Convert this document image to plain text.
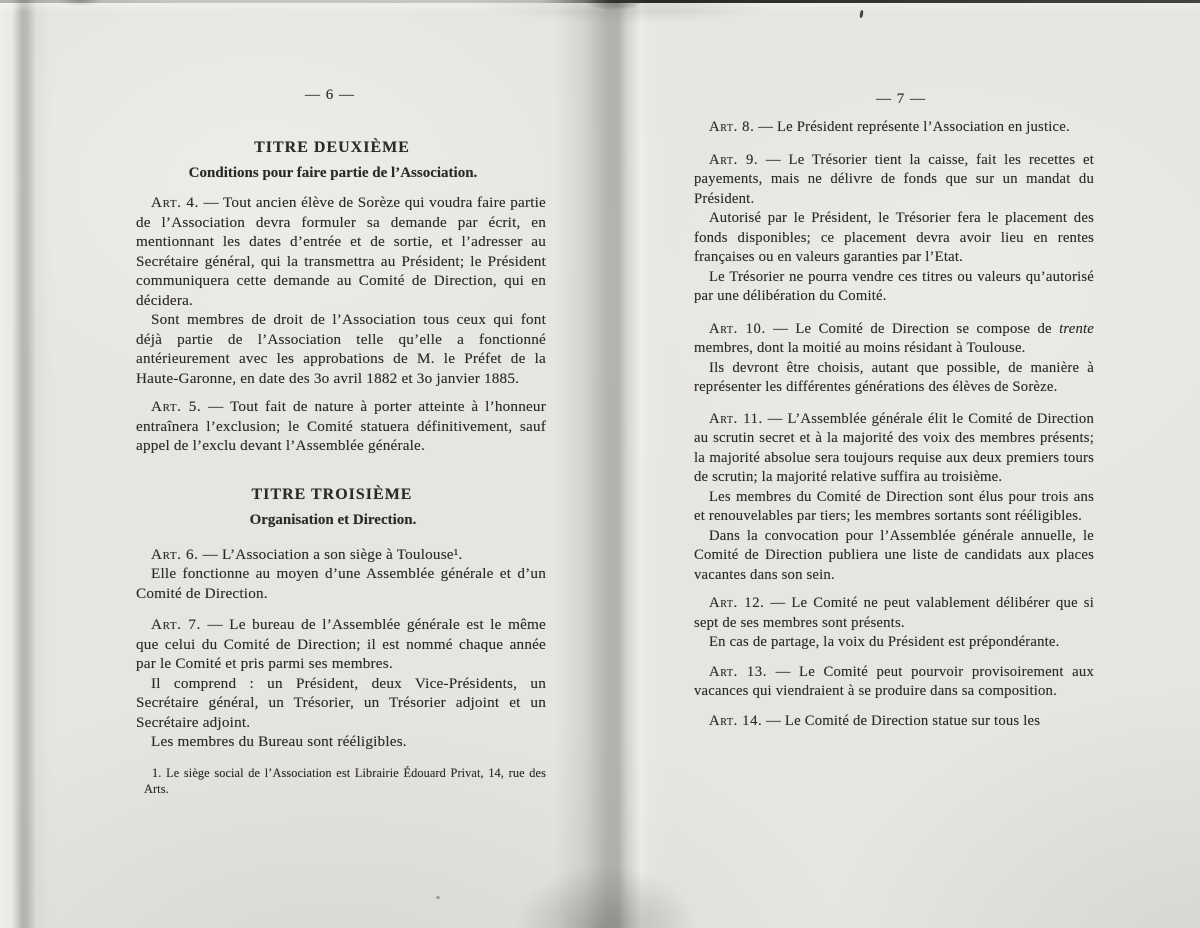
— 6 —
TITRE DEUXIÈME
Conditions pour faire partie de l’Association.

Art. 4. — Tout ancien élève de Sorèze qui voudra faire partie de l’Association devra formuler sa demande par écrit, en mentionnant les dates d’entrée et de sortie, et l’adresser au Secrétaire général, qui la transmettra au Président; le Président communiquera cette demande au Comité de Direction, qui en décidera.

Sont membres de droit de l’Association tous ceux qui font déjà partie de l’Association telle qu’elle a fonctionné antérieurement avec les approbations de M. le Préfet de la Haute-Garonne, en date des 3o avril 1882 et 3o janvier 1885.

Art. 5. — Tout fait de nature à porter atteinte à l’honneur entraînera l’exclusion; le Comité statuera définitivement, sauf appel de l’exclu devant l’Assemblée générale.

TITRE TROISIÈME
Organisation et Direction.

Art. 6. — L’Association a son siège à Toulouse¹.

Elle fonctionne au moyen d’une Assemblée générale et d’un Comité de Direction.

Art. 7. — Le bureau de l’Assemblée générale est le même que celui du Comité de Direction; il est nommé chaque année par le Comité et pris parmi ses membres.

Il comprend : un Président, deux Vice-Présidents, un Secrétaire général, un Trésorier, un Trésorier adjoint et un Secrétaire adjoint.

Les membres du Bureau sont rééligibles.

1. Le siège social de l’Association est Librairie Édouard Privat, 14, rue des Arts.

— 7 —

Art. 8. — Le Président représente l’Association en justice.

Art. 9. — Le Trésorier tient la caisse, fait les recettes et payements, mais ne délivre de fonds que sur un mandat du Président.

Autorisé par le Président, le Trésorier fera le placement des fonds disponibles; ce placement devra avoir lieu en rentes françaises ou en valeurs garanties par l’Etat.

Le Trésorier ne pourra vendre ces titres ou valeurs qu’autorisé par une délibération du Comité.

Art. 10. — Le Comité de Direction se compose de trente membres, dont la moitié au moins résidant à Toulouse.

Ils devront être choisis, autant que possible, de manière à représenter les différentes générations des élèves de Sorèze.

Art. 11. — L’Assemblée générale élit le Comité de Direction au scrutin secret et à la majorité des voix des membres présents; la majorité absolue sera toujours requise aux deux premiers tours de scrutin; la majorité relative suffira au troisième.

Les membres du Comité de Direction sont élus pour trois ans et renouvelables par tiers; les membres sortants sont rééligibles.

Dans la convocation pour l’Assemblée générale annuelle, le Comité de Direction publiera une liste de candidats aux places vacantes dans son sein.

Art. 12. — Le Comité ne peut valablement délibérer que si sept de ses membres sont présents.

En cas de partage, la voix du Président est prépondérante.

Art. 13. — Le Comité peut pourvoir provisoirement aux vacances qui viendraient à se produire dans sa composition.

Art. 14. — Le Comité de Direction statue sur tous les
